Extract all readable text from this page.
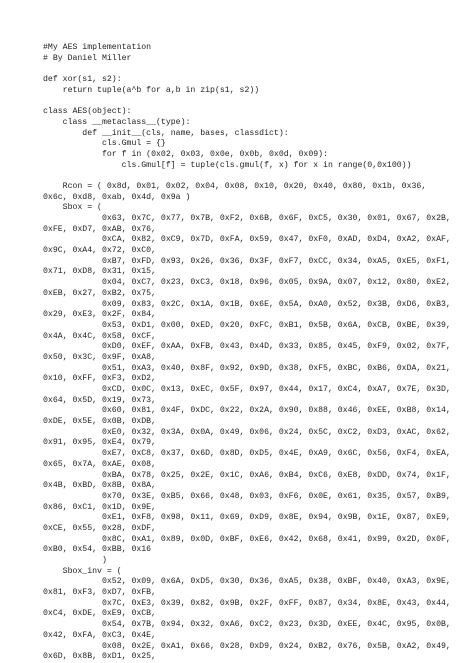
#My AES implementation
# By Daniel Miller
def xor(s1, s2):
return tuple(a^b for a,b in zip(s1, s2))
class AES(object):
class __metaclass__(type):
def __init__(cls, name, bases, classdict):
cls.Gmul = {}
for f in (0x02, 0x03, 0x0e, 0x0b, 0x0d, 0x09):
cls.Gmul[f] = tuple(cls.gmul(f, x) for x in range(0,0x100))
Rcon = ( 0x8d, 0x01, 0x02, 0x04, 0x08, 0x10, 0x20, 0x40, 0x80, 0x1b, 0x36,
0x6c, 0xd8, 0xab, 0x4d, 0x9a )
Sbox = (
0x63, 0x7C, 0x77, 0x7B, 0xF2, 0x6B, 0x6F, 0xC5, 0x30, 0x01, 0x67, 0x2B,
0xFE, 0xD7, 0xAB, 0x76,
0xCA, 0x82, 0xC9, 0x7D, 0xFA, 0x59, 0x47, 0xF0, 0xAD, 0xD4, 0xA2, 0xAF,
0x9C, 0xA4, 0x72, 0xC0,
0xB7, 0xFD, 0x93, 0x26, 0x36, 0x3F, 0xF7, 0xCC, 0x34, 0xA5, 0xE5, 0xF1,
0x71, 0xD8, 0x31, 0x15,
0x04, 0xC7, 0x23, 0xC3, 0x18, 0x96, 0x05, 0x9A, 0x07, 0x12, 0x80, 0xE2,
0xEB, 0x27, 0xB2, 0x75,
0x09, 0x83, 0x2C, 0x1A, 0x1B, 0x6E, 0x5A, 0xA0, 0x52, 0x3B, 0xD6, 0xB3,
0x29, 0xE3, 0x2F, 0x84,
0x53, 0xD1, 0x00, 0xED, 0x20, 0xFC, 0xB1, 0x5B, 0x6A, 0xCB, 0xBE, 0x39,
0x4A, 0x4C, 0x58, 0xCF,
0xD0, 0xEF, 0xAA, 0xFB, 0x43, 0x4D, 0x33, 0x85, 0x45, 0xF9, 0x02, 0x7F,
0x50, 0x3C, 0x9F, 0xA8,
0x51, 0xA3, 0x40, 0x8F, 0x92, 0x9D, 0x38, 0xF5, 0xBC, 0xB6, 0xDA, 0x21,
0x10, 0xFF, 0xF3, 0xD2,
0xCD, 0x0C, 0x13, 0xEC, 0x5F, 0x97, 0x44, 0x17, 0xC4, 0xA7, 0x7E, 0x3D,
0x64, 0x5D, 0x19, 0x73,
0x60, 0x81, 0x4F, 0xDC, 0x22, 0x2A, 0x90, 0x88, 0x46, 0xEE, 0xB8, 0x14,
0xDE, 0x5E, 0x0B, 0xDB,
0xE0, 0x32, 0x3A, 0x0A, 0x49, 0x06, 0x24, 0x5C, 0xC2, 0xD3, 0xAC, 0x62,
0x91, 0x95, 0xE4, 0x79,
0xE7, 0xC8, 0x37, 0x6D, 0x8D, 0xD5, 0x4E, 0xA9, 0x6C, 0x56, 0xF4, 0xEA,
0x65, 0x7A, 0xAE, 0x08,
0xBA, 0x78, 0x25, 0x2E, 0x1C, 0xA6, 0xB4, 0xC6, 0xE8, 0xDD, 0x74, 0x1F,
0x4B, 0xBD, 0x8B, 0x8A,
0x70, 0x3E, 0xB5, 0x66, 0x48, 0x03, 0xF6, 0x0E, 0x61, 0x35, 0x57, 0xB9,
0x86, 0xC1, 0x1D, 0x9E,
0xE1, 0xF8, 0x98, 0x11, 0x69, 0xD9, 0x8E, 0x94, 0x9B, 0x1E, 0x87, 0xE9,
0xCE, 0x55, 0x28, 0xDF,
0x8C, 0xA1, 0x89, 0x0D, 0xBF, 0xE6, 0x42, 0x68, 0x41, 0x99, 0x2D, 0x0F,
0xB0, 0x54, 0xBB, 0x16
)
Sbox_inv = (
0x52, 0x09, 0x6A, 0xD5, 0x30, 0x36, 0xA5, 0x38, 0xBF, 0x40, 0xA3, 0x9E,
0x81, 0xF3, 0xD7, 0xFB,
0x7C, 0xE3, 0x39, 0x82, 0x9B, 0x2F, 0xFF, 0x87, 0x34, 0x8E, 0x43, 0x44,
0xC4, 0xDE, 0xE9, 0xCB,
0x54, 0x7B, 0x94, 0x32, 0xA6, 0xC2, 0x23, 0x3D, 0xEE, 0x4C, 0x95, 0x0B,
0x42, 0xFA, 0xC3, 0x4E,
0x08, 0x2E, 0xA1, 0x66, 0x28, 0xD9, 0x24, 0xB2, 0x76, 0x5B, 0xA2, 0x49,
0x6D, 0x8B, 0xD1, 0x25,
